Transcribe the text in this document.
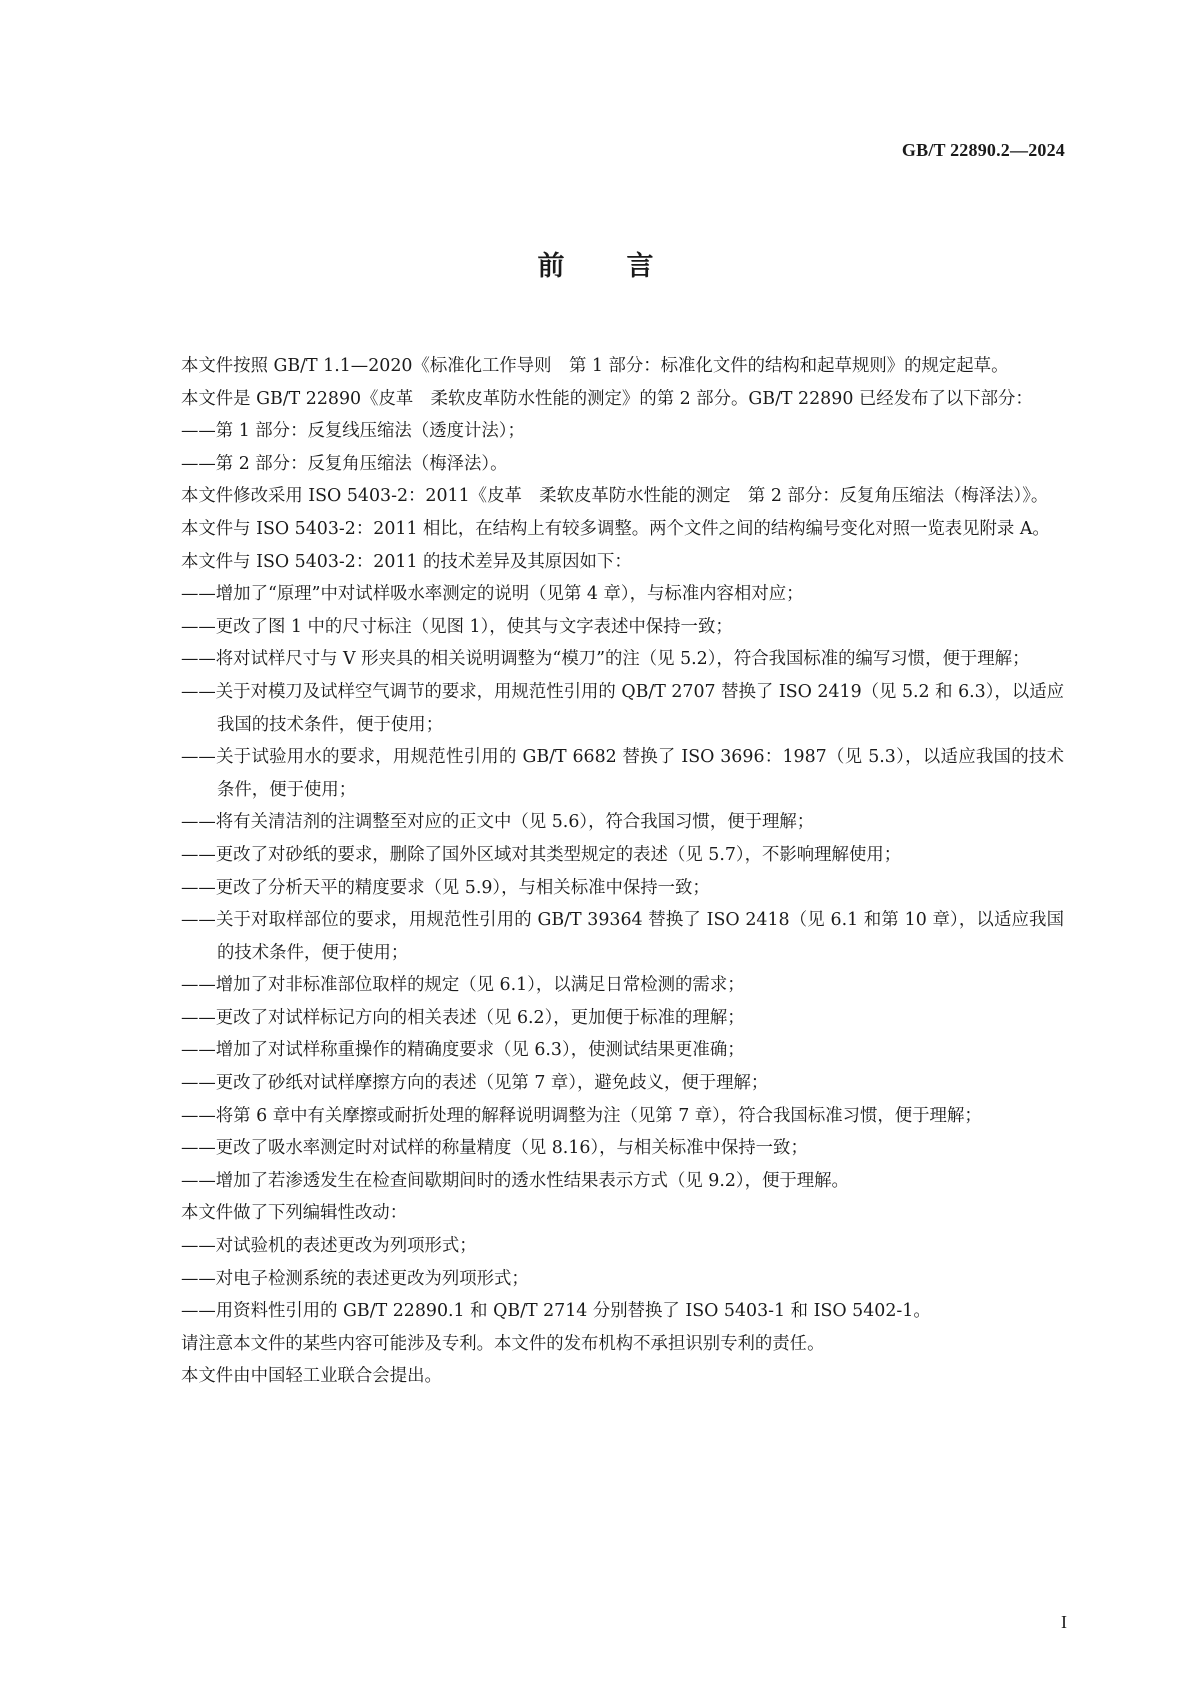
GB/T 22890.2—2024
前言

本文件按照 GB/T 1.1—2020《标准化工作导则　第 1 部分：标准化文件的结构和起草规则》的规定起草。

本文件是 GB/T 22890《皮革　柔软皮革防水性能的测定》的第 2 部分。GB/T 22890 已经发布了以下部分：

——第 1 部分：反复线压缩法（透度计法）；

——第 2 部分：反复角压缩法（梅泽法）。

本文件修改采用 ISO 5403-2：2011《皮革　柔软皮革防水性能的测定　第 2 部分：反复角压缩法（梅泽法）》。

本文件与 ISO 5403-2：2011 相比，在结构上有较多调整。两个文件之间的结构编号变化对照一览表见附录 A。

本文件与 ISO 5403-2：2011 的技术差异及其原因如下：

——增加了“原理”中对试样吸水率测定的说明（见第 4 章），与标准内容相对应；

——更改了图 1 中的尺寸标注（见图 1），使其与文字表述中保持一致；

——将对试样尺寸与 V 形夹具的相关说明调整为“模刀”的注（见 5.2），符合我国标准的编写习惯，便于理解；

——关于对模刀及试样空气调节的要求，用规范性引用的 QB/T 2707 替换了 ISO 2419（见 5.2 和 6.3），以适应我国的技术条件，便于使用；

——关于试验用水的要求，用规范性引用的 GB/T 6682 替换了 ISO 3696：1987（见 5.3），以适应我国的技术条件，便于使用；

——将有关清洁剂的注调整至对应的正文中（见 5.6），符合我国习惯，便于理解；

——更改了对砂纸的要求，删除了国外区域对其类型规定的表述（见 5.7），不影响理解使用；

——更改了分析天平的精度要求（见 5.9），与相关标准中保持一致；

——关于对取样部位的要求，用规范性引用的 GB/T 39364 替换了 ISO 2418（见 6.1 和第 10 章），以适应我国的技术条件，便于使用；

——增加了对非标准部位取样的规定（见 6.1），以满足日常检测的需求；

——更改了对试样标记方向的相关表述（见 6.2），更加便于标准的理解；

——增加了对试样称重操作的精确度要求（见 6.3），使测试结果更准确；

——更改了砂纸对试样摩擦方向的表述（见第 7 章），避免歧义，便于理解；

——将第 6 章中有关摩擦或耐折处理的解释说明调整为注（见第 7 章），符合我国标准习惯，便于理解；

——更改了吸水率测定时对试样的称量精度（见 8.16），与相关标准中保持一致；

——增加了若渗透发生在检查间歇期间时的透水性结果表示方式（见 9.2），便于理解。

本文件做了下列编辑性改动：

——对试验机的表述更改为列项形式；

——对电子检测系统的表述更改为列项形式；

——用资料性引用的 GB/T 22890.1 和 QB/T 2714 分别替换了 ISO 5403-1 和 ISO 5402-1。

请注意本文件的某些内容可能涉及专利。本文件的发布机构不承担识别专利的责任。

本文件由中国轻工业联合会提出。

I
